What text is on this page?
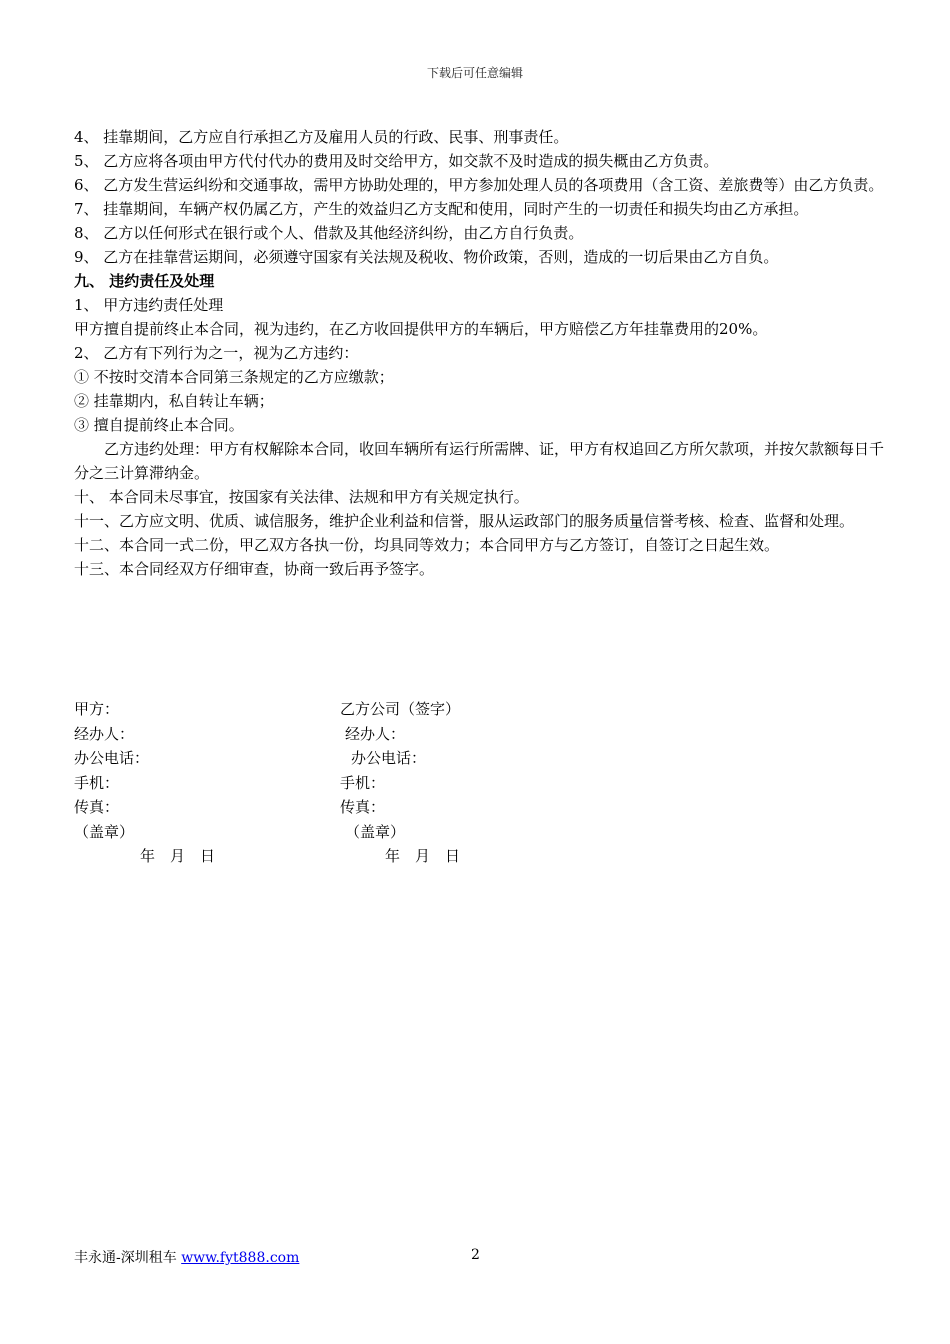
下载后可任意编辑
4、 挂靠期间，乙方应自行承担乙方及雇用人员的行政、民事、刑事责任。
5、 乙方应将各项由甲方代付代办的费用及时交给甲方，如交款不及时造成的损失概由乙方负责。
6、 乙方发生营运纠纷和交通事故，需甲方协助处理的，甲方参加处理人员的各项费用（含工资、差旅费等）由乙方负责。
7、 挂靠期间，车辆产权仍属乙方，产生的效益归乙方支配和使用，同时产生的一切责任和损失均由乙方承担。
8、 乙方以任何形式在银行或个人、借款及其他经济纠纷，由乙方自行负责。
9、 乙方在挂靠营运期间，必须遵守国家有关法规及税收、物价政策，否则，造成的一切后果由乙方自负。
九、 违约责任及处理
1、 甲方违约责任处理
甲方擅自提前终止本合同，视为违约，在乙方收回提供甲方的车辆后，甲方赔偿乙方年挂靠费用的20%。
2、 乙方有下列行为之一，视为乙方违约：
① 不按时交清本合同第三条规定的乙方应缴款；
② 挂靠期内，私自转让车辆；
③ 擅自提前终止本合同。
乙方违约处理：甲方有权解除本合同，收回车辆所有运行所需牌、证，甲方有权追回乙方所欠款项，并按欠款额每日千分之三计算滞纳金。
十、 本合同未尽事宜，按国家有关法律、法规和甲方有关规定执行。
十一、乙方应文明、优质、诚信服务，维护企业利益和信誉，服从运政部门的服务质量信誉考核、检查、监督和处理。
十二、本合同一式二份，甲乙双方各执一份，均具同等效力；本合同甲方与乙方签订，自签订之日起生效。
十三、本合同经双方仔细审查，协商一致后再予签字。
甲方：	乙方公司（签字）
经办人：	经办人：
办公电话：	办公电话：
手机：	手机：
传真：	传真：
（盖章）	（盖章）
年　月　日	年　月　日
丰永通-深圳租车 www.fyt888.com	2
